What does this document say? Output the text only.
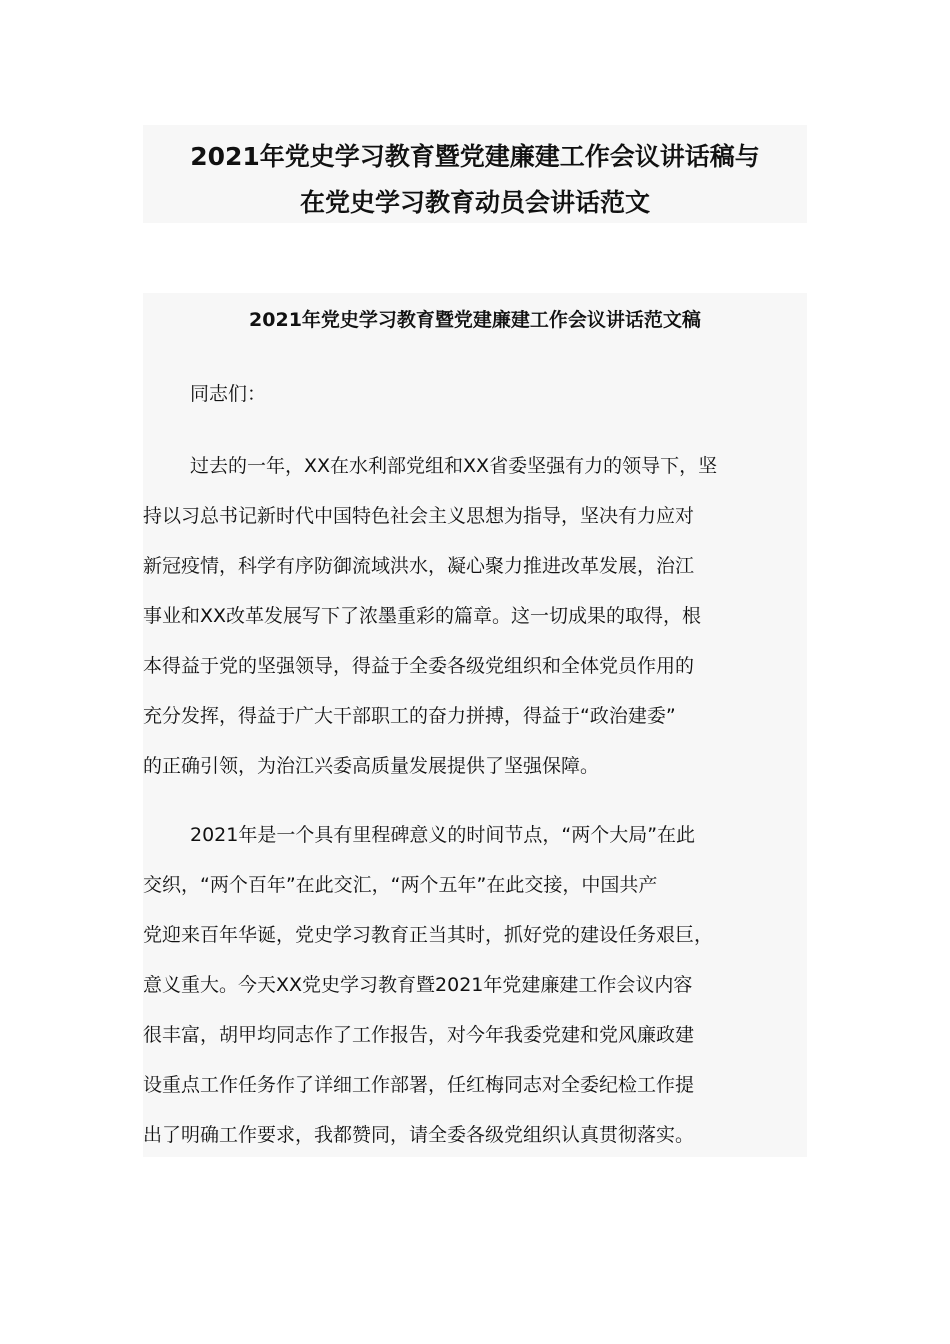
2021年党史学习教育暨党建廉建工作会议讲话稿与
在党史学习教育动员会讲话范文
2021年党史学习教育暨党建廉建工作会议讲话范文稿
同志们：
过去的一年，XX在水利部党组和XX省委坚强有力的领导下，坚
持以习总书记新时代中国特色社会主义思想为指导，坚决有力应对
新冠疫情，科学有序防御流域洪水，凝心聚力推进改革发展，治江
事业和XX改革发展写下了浓墨重彩的篇章。这一切成果的取得，根
本得益于党的坚强领导，得益于全委各级党组织和全体党员作用的
充分发挥，得益于广大干部职工的奋力拼搏，得益于“政治建委”
的正确引领，为治江兴委高质量发展提供了坚强保障。
2021年是一个具有里程碑意义的时间节点，“两个大局”在此
交织，“两个百年”在此交汇，“两个五年”在此交接，中国共产
党迎来百年华诞，党史学习教育正当其时，抓好党的建设任务艰巨，
意义重大。今天XX党史学习教育暨2021年党建廉建工作会议内容
很丰富，胡甲均同志作了工作报告，对今年我委党建和党风廉政建
设重点工作任务作了详细工作部署，任红梅同志对全委纪检工作提
出了明确工作要求，我都赞同，请全委各级党组织认真贯彻落实。
